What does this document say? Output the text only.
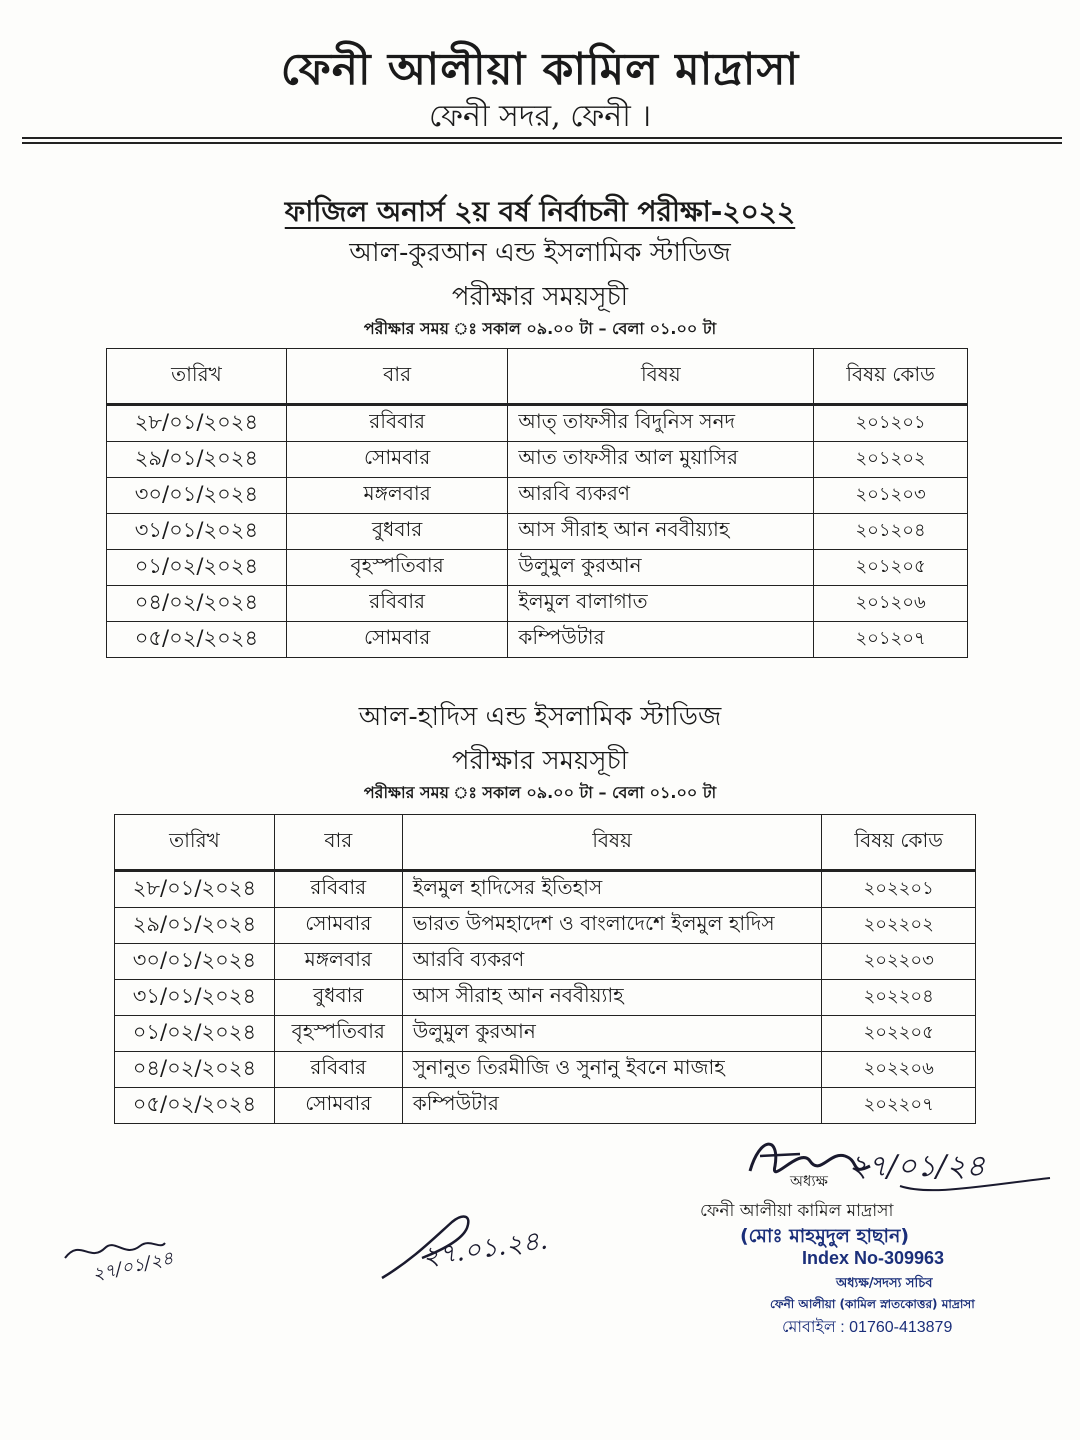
ফেনী আলীয়া কামিল মাদ্রাসা
ফেনী সদর, ফেনী ।
ফাজিল অনার্স ২য় বর্ষ নির্বাচনী পরীক্ষা-২০২২
আল-কুরআন এন্ড ইসলামিক স্টাডিজ
পরীক্ষার সময়সূচী
পরীক্ষার সময় ঃ সকাল ০৯.০০ টা – বেলা ০১.০০ টা
তারিখ	বার	বিষয়	বিষয় কোড
২৮/০১/২০২৪	রবিবার	আত্ তাফসীর বিদুনিস সনদ	২০১২০১
২৯/০১/২০২৪	সোমবার	আত তাফসীর আল মুয়াসির	২০১২০২
৩০/০১/২০২৪	মঙ্গলবার	আরবি ব্যকরণ	২০১২০৩
৩১/০১/২০২৪	বুধবার	আস সীরাহ আন নববীয়্যাহ	২০১২০৪
০১/০২/২০২৪	বৃহস্পতিবার	উলুমুল কুরআন	২০১২০৫
০৪/০২/২০২৪	রবিবার	ইলমুল বালাগাত	২০১২০৬
০৫/০২/২০২৪	সোমবার	কম্পিউটার	২০১২০৭
আল-হাদিস এন্ড ইসলামিক স্টাডিজ
পরীক্ষার সময়সূচী
পরীক্ষার সময় ঃ সকাল ০৯.০০ টা – বেলা ০১.০০ টা
তারিখ	বার	বিষয়	বিষয় কোড
২৮/০১/২০২৪	রবিবার	ইলমুল হাদিসের ইতিহাস	২০২২০১
২৯/০১/২০২৪	সোমবার	ভারত উপমহাদেশ ও বাংলাদেশে ইলমুল হাদিস	২০২২০২
৩০/০১/২০২৪	মঙ্গলবার	আরবি ব্যকরণ	২০২২০৩
৩১/০১/২০২৪	বুধবার	আস সীরাহ আন নববীয়্যাহ	২০২২০৪
০১/০২/২০২৪	বৃহস্পতিবার	উলুমুল কুরআন	২০২২০৫
০৪/০২/২০২৪	রবিবার	সুনানুত তিরমীজি ও সুনানু ইবনে মাজাহ	২০২২০৬
০৫/০২/২০২৪	সোমবার	কম্পিউটার	২০২২০৭
২৭/০১/২৪
অধ্যক্ষ
ফেনী আলীয়া কামিল মাদ্রাসা
(মোঃ মাহমুদুল হাছান)
Index No-309963
অধ্যক্ষ/সদস্য সচিব
ফেনী আলীয়া (কামিল স্নাতকোত্তর) মাদ্রাসা
মোবাইল : 01760-413879
২৭.০১.২৪.
২৭/০১/২৪
